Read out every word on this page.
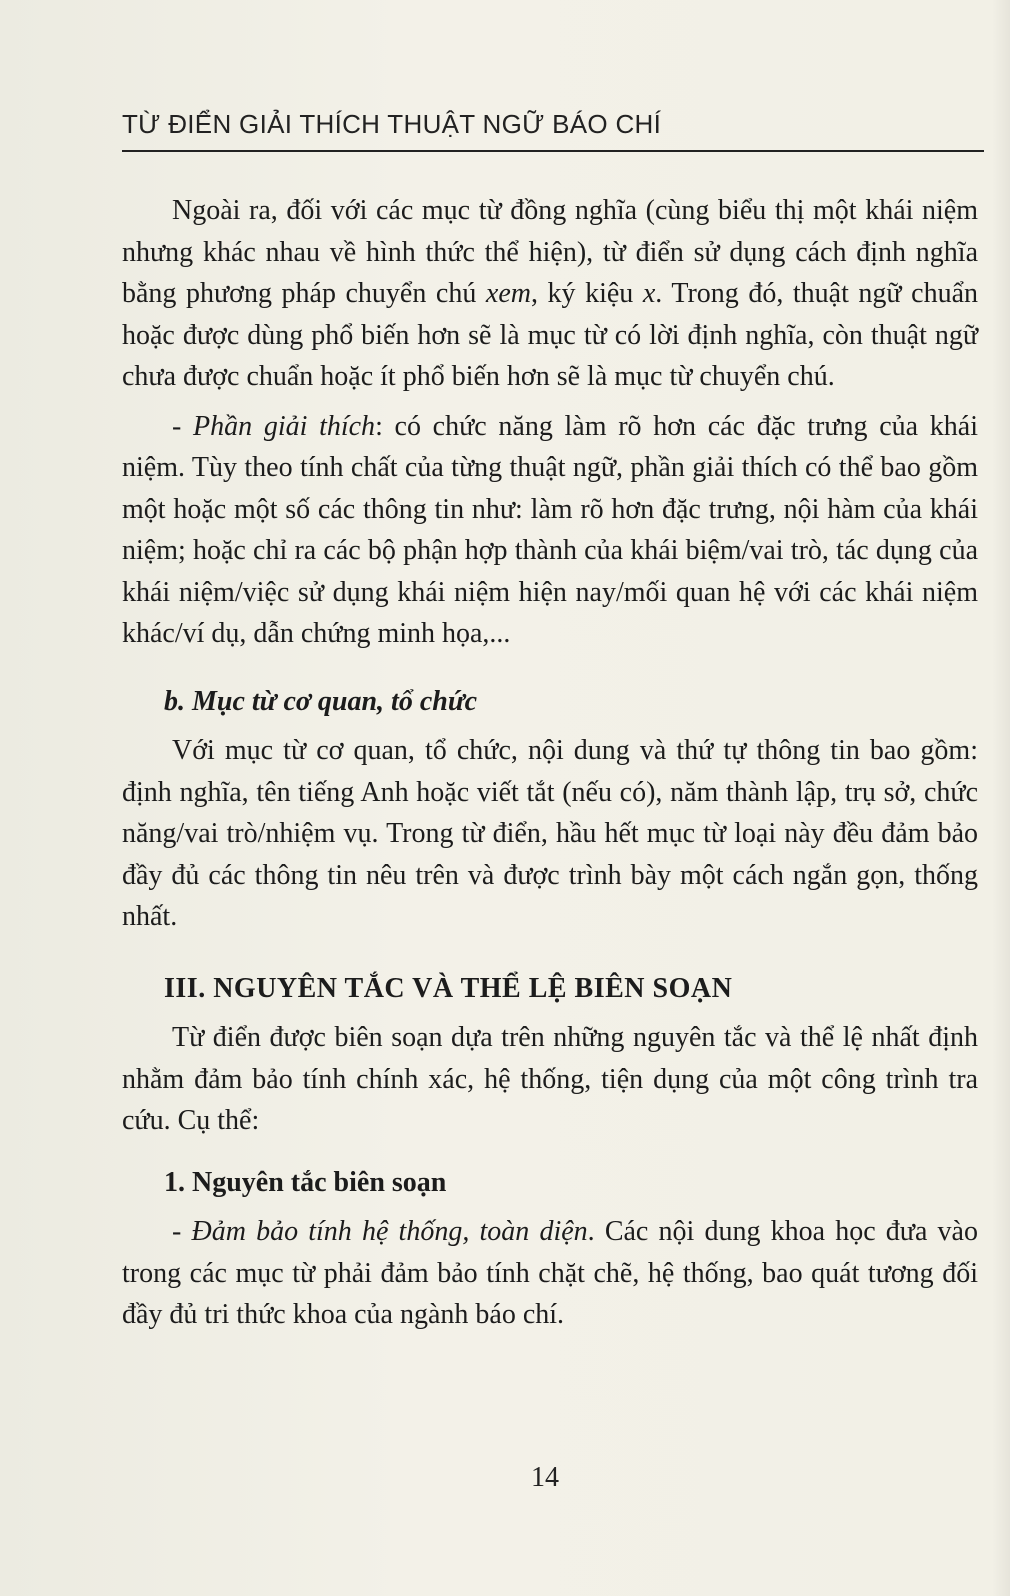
TỪ ĐIỂN GIẢI THÍCH THUẬT NGỮ BÁO CHÍ

Ngoài ra, đối với các mục từ đồng nghĩa (cùng biểu thị một khái niệm nhưng khác nhau về hình thức thể hiện), từ điển sử dụng cách định nghĩa bằng phương pháp chuyển chú xem, ký kiệu x. Trong đó, thuật ngữ chuẩn hoặc được dùng phổ biến hơn sẽ là mục từ có lời định nghĩa, còn thuật ngữ chưa được chuẩn hoặc ít phổ biến hơn sẽ là mục từ chuyển chú.

- Phần giải thích: có chức năng làm rõ hơn các đặc trưng của khái niệm. Tùy theo tính chất của từng thuật ngữ, phần giải thích có thể bao gồm một hoặc một số các thông tin như: làm rõ hơn đặc trưng, nội hàm của khái niệm; hoặc chỉ ra các bộ phận hợp thành của khái biệm/vai trò, tác dụng của khái niệm/việc sử dụng khái niệm hiện nay/mối quan hệ với các khái niệm khác/ví dụ, dẫn chứng minh họa,...

b. Mục từ cơ quan, tổ chức

Với mục từ cơ quan, tổ chức, nội dung và thứ tự thông tin bao gồm: định nghĩa, tên tiếng Anh hoặc viết tắt (nếu có), năm thành lập, trụ sở, chức năng/vai trò/nhiệm vụ. Trong từ điển, hầu hết mục từ loại này đều đảm bảo đầy đủ các thông tin nêu trên và được trình bày một cách ngắn gọn, thống nhất.

III. NGUYÊN TẮC VÀ THỂ LỆ BIÊN SOẠN

Từ điển được biên soạn dựa trên những nguyên tắc và thể lệ nhất định nhằm đảm bảo tính chính xác, hệ thống, tiện dụng của một công trình tra cứu. Cụ thể:

1. Nguyên tắc biên soạn

- Đảm bảo tính hệ thống, toàn diện. Các nội dung khoa học đưa vào trong các mục từ phải đảm bảo tính chặt chẽ, hệ thống, bao quát tương đối đầy đủ tri thức khoa của ngành báo chí.

14
